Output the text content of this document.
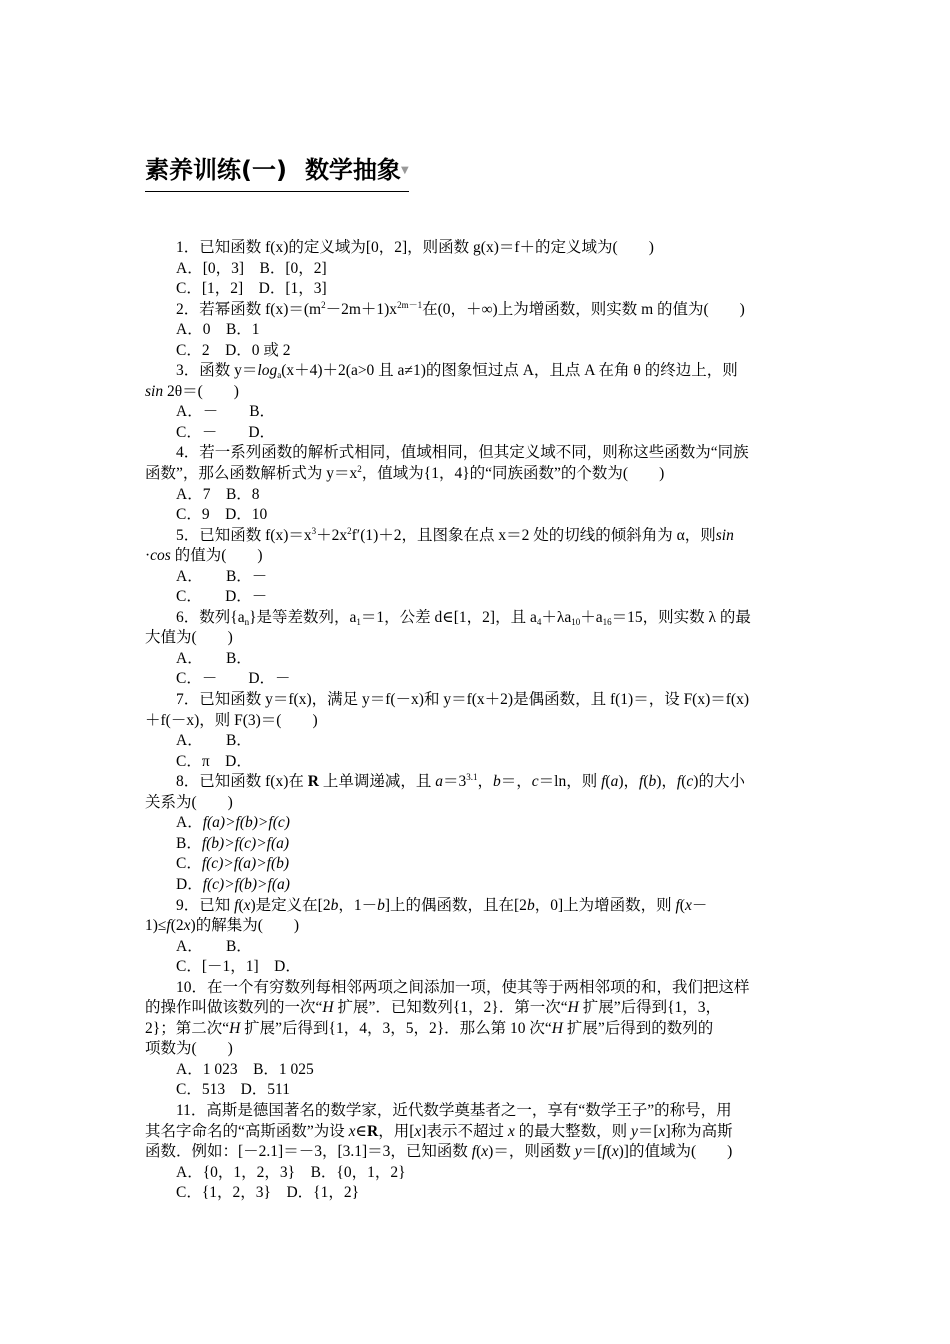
素养训练(一) 数学抽象▼
1．已知函数 f(x)的定义域为[0，2]，则函数 g(x)＝f＋的定义域为(　　)
A．[0，3]　B．[0，2]
C．[1，2]　D．[1，3]
2．若幂函数 $f(x)=(m^2-2m+1)x^{2m-1}$在(0，＋∞)上为增函数，则实数 m 的值为(　　)
A．0　B．1
C．2　D．0 或 2
3．函数 $y=\log_a(x+4)+2(a>0$ 且 a≠1)的图象恒过点 A，且点 A 在角 θ 的终边上，则
sin 2θ＝(　　)
A．－　　B．
C．－　　D．
4．若一系列函数的解析式相同，值域相同，但其定义域不同，则称这些函数为“同族
函数”，那么函数解析式为 $y=x^2$，值域为{1，4}的“同族函数”的个数为(　　)
A．7　B．8
C．9　D．10
5．已知函数 $f(x)=x^3+2x^2f'(1)+2$，且图象在点 x＝2 处的切线的倾斜角为 α，则sin
·cos 的值为(　　)
A．　　B．－
C．　　D．－
6．数列$\{a_n\}$是等差数列，$a_1=1$，公差 d∈[1，2]，且 $a_4+\lambda a_{10}+a_{16}=15$，则实数 λ 的最
大值为(　　)
A．　　B．
C．－　　D．－
7．已知函数 y＝f(x)，满足 y＝f(－x)和 y＝f(x＋2)是偶函数，且 f(1)＝，设 F(x)＝f(x)
＋f(－x)，则 F(3)＝(　　)
A．　　B．
C．π　D．
8．已知函数 f(x)在 R 上单调递减，且 $a=3^{3.1}$，b＝，c＝ln，则 f(a)，f(b)，f(c)的大小
关系为(　　)
A．f(a)>f(b)>f(c)
B．f(b)>f(c)>f(a)
C．f(c)>f(a)>f(b)
D．f(c)>f(b)>f(a)
9．已知 f(x)是定义在[2b，1－b]上的偶函数，且在[2b，0]上为增函数，则 f(x－
1)≤f(2x)的解集为(　　)
A．　　B．
C．[－1，1]　D．
10．在一个有穷数列每相邻两项之间添加一项，使其等于两相邻项的和，我们把这样
的操作叫做该数列的一次“H 扩展”．已知数列{1，2}．第一次“H 扩展”后得到{1，3，
2}；第二次“H 扩展”后得到{1，4，3，5，2}．那么第 10 次“H 扩展”后得到的数列的
项数为(　　)
A．1 023　B．1 025
C．513　D．511
11．高斯是德国著名的数学家，近代数学奠基者之一，享有“数学王子”的称号，用
其名字命名的“高斯函数”为设 x∈R，用[x]表示不超过 x 的最大整数，则 y＝[x]称为高斯
函数．例如：[－2.1]＝－3，[3.1]＝3，已知函数 f(x)＝，则函数 y＝[f(x)]的值域为(　　)
A．{0，1，2，3}　B．{0，1，2}
C．{1，2，3}　D．{1，2}
